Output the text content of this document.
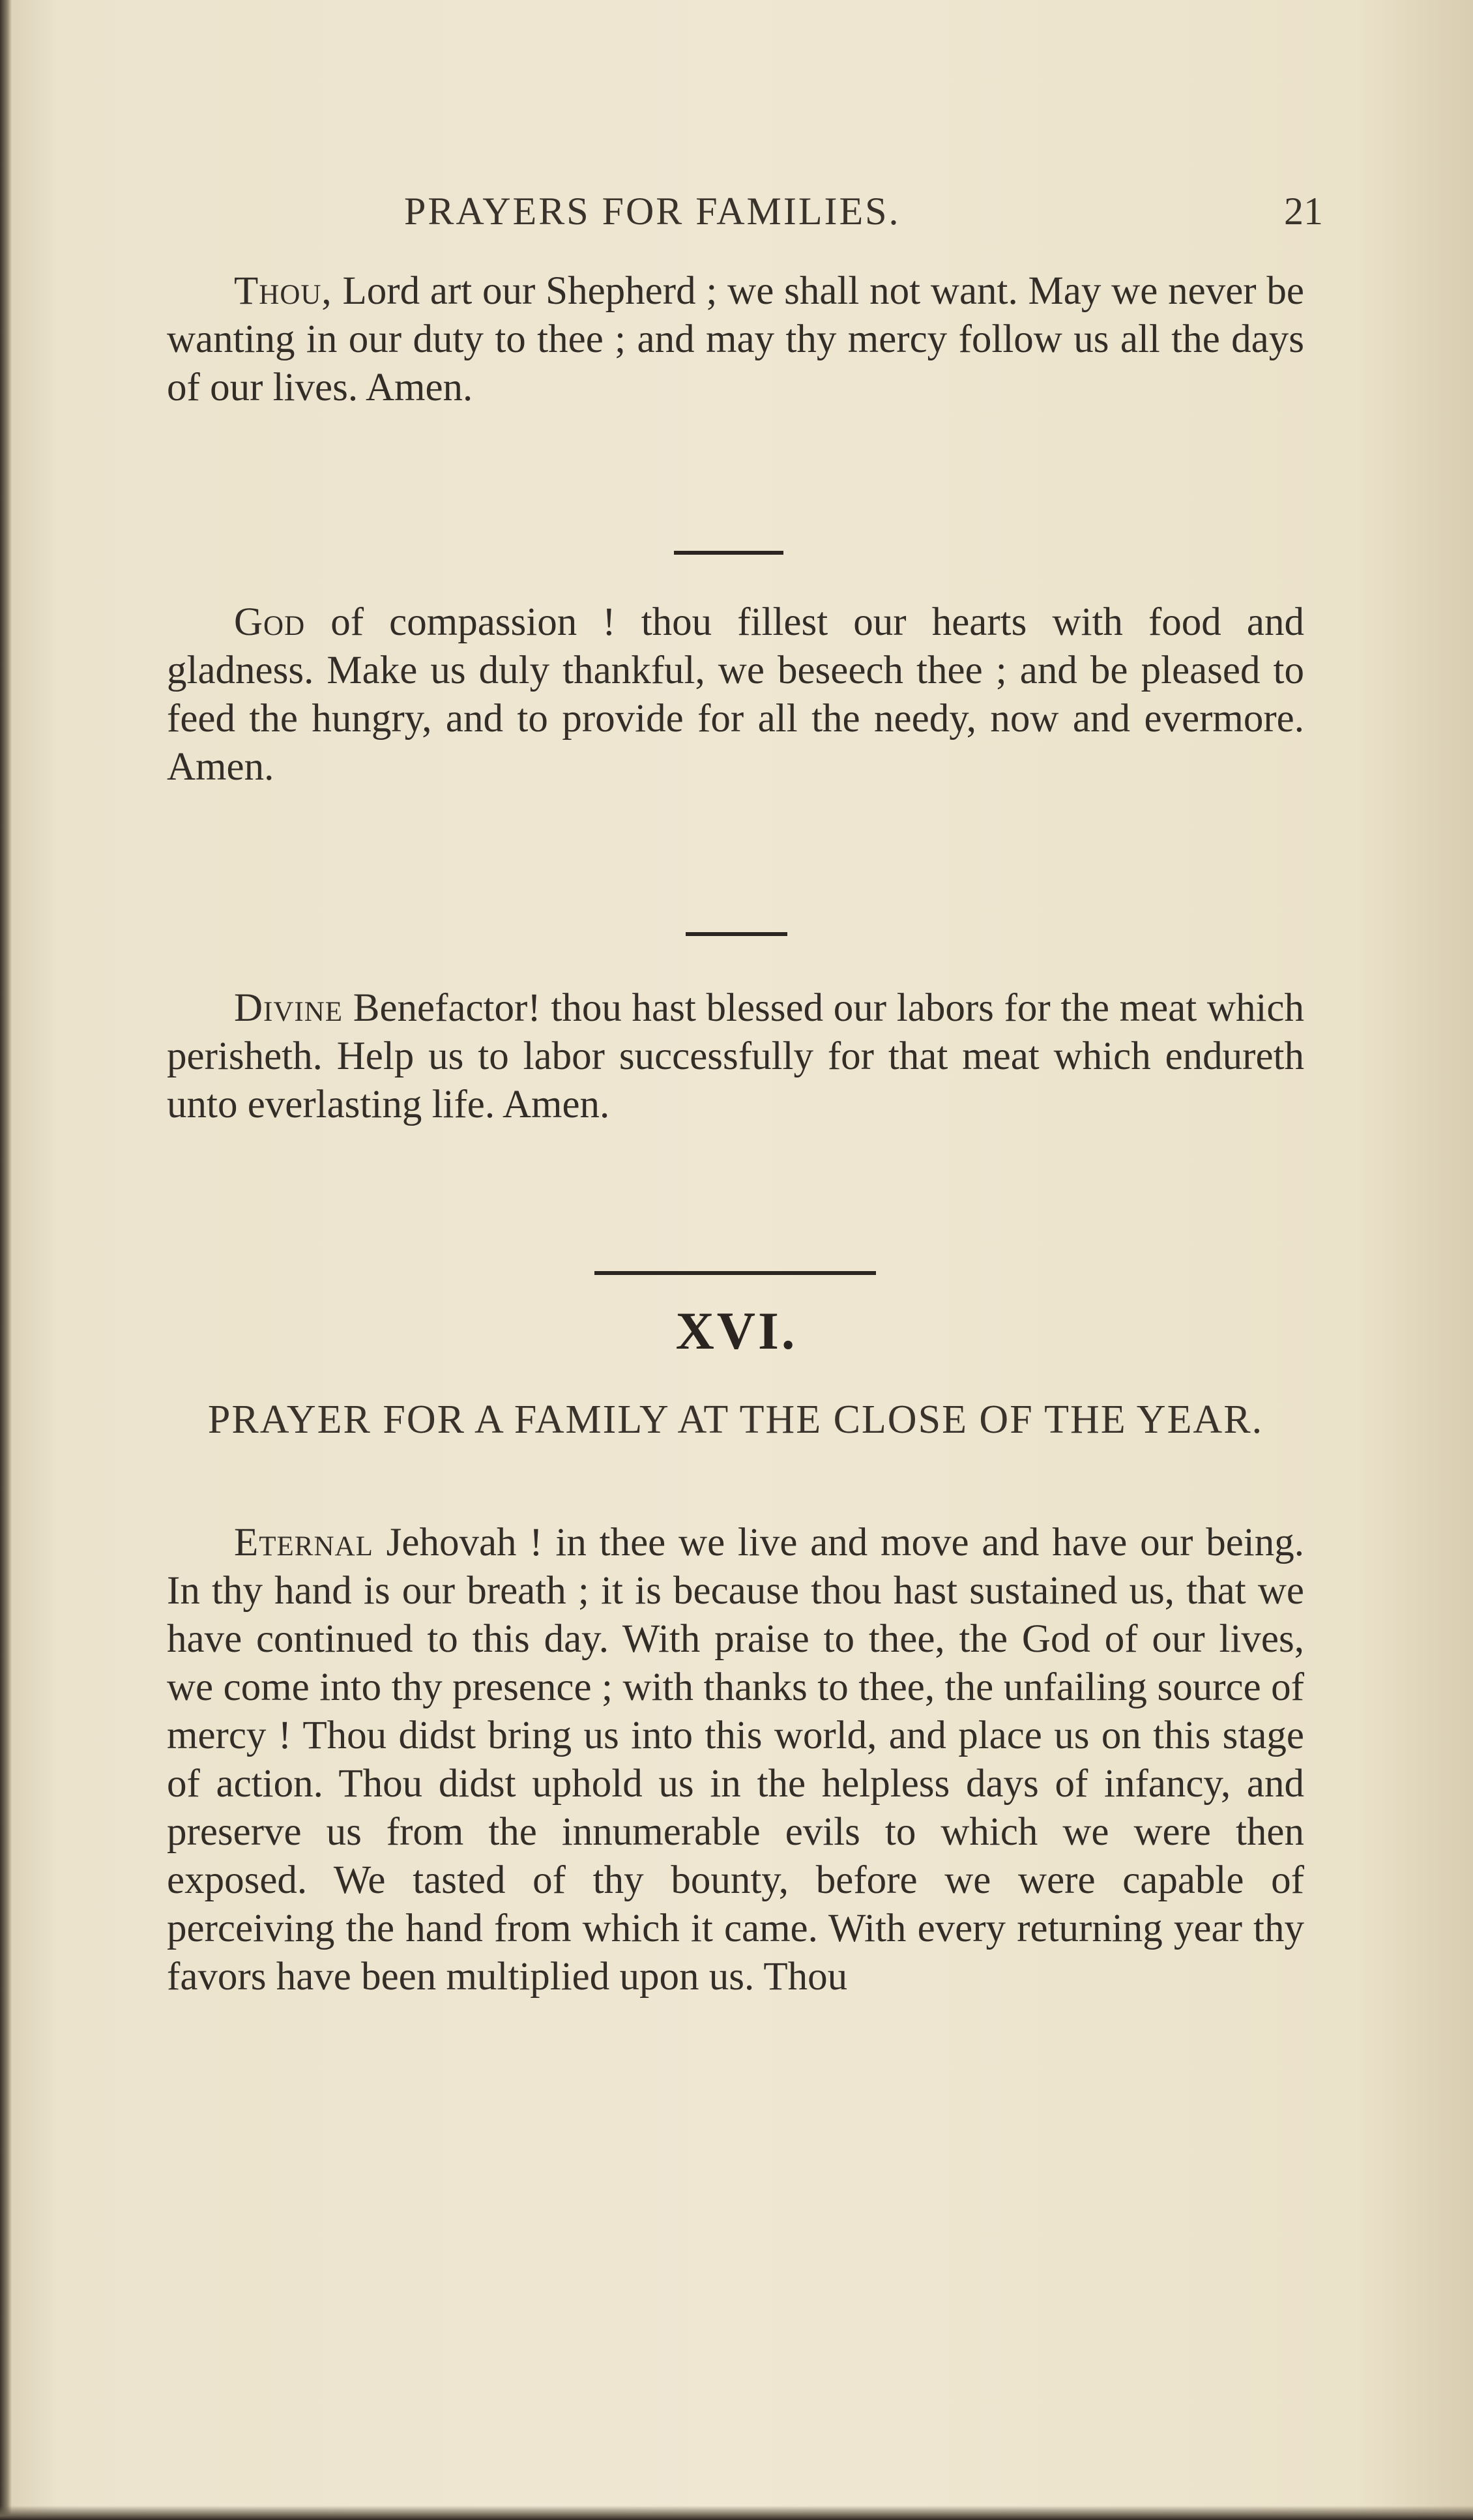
PRAYERS FOR FAMILIES.	21

Thou, Lord art our Shepherd ; we shall not want. May we never be wanting in our duty to thee ; and may thy mercy follow us all the days of our lives. Amen.

God of compassion ! thou fillest our hearts with food and gladness. Make us duly thankful, we beseech thee ; and be pleased to feed the hungry, and to provide for all the needy, now and evermore. Amen.

Divine Benefactor! thou hast blessed our labors for the meat which perisheth. Help us to labor successfully for that meat which endureth unto everlasting life. Amen.

XVI.
PRAYER FOR A FAMILY AT THE CLOSE OF THE YEAR.

Eternal Jehovah ! in thee we live and move and have our being. In thy hand is our breath ; it is because thou hast sustained us, that we have continued to this day. With praise to thee, the God of our lives, we come into thy presence ; with thanks to thee, the unfailing source of mercy ! Thou didst bring us into this world, and place us on this stage of action. Thou didst uphold us in the helpless days of infancy, and preserve us from the innumerable evils to which we were then exposed. We tasted of thy bounty, before we were capable of perceiving the hand from which it came. With every returning year thy favors have been multiplied upon us. Thou
